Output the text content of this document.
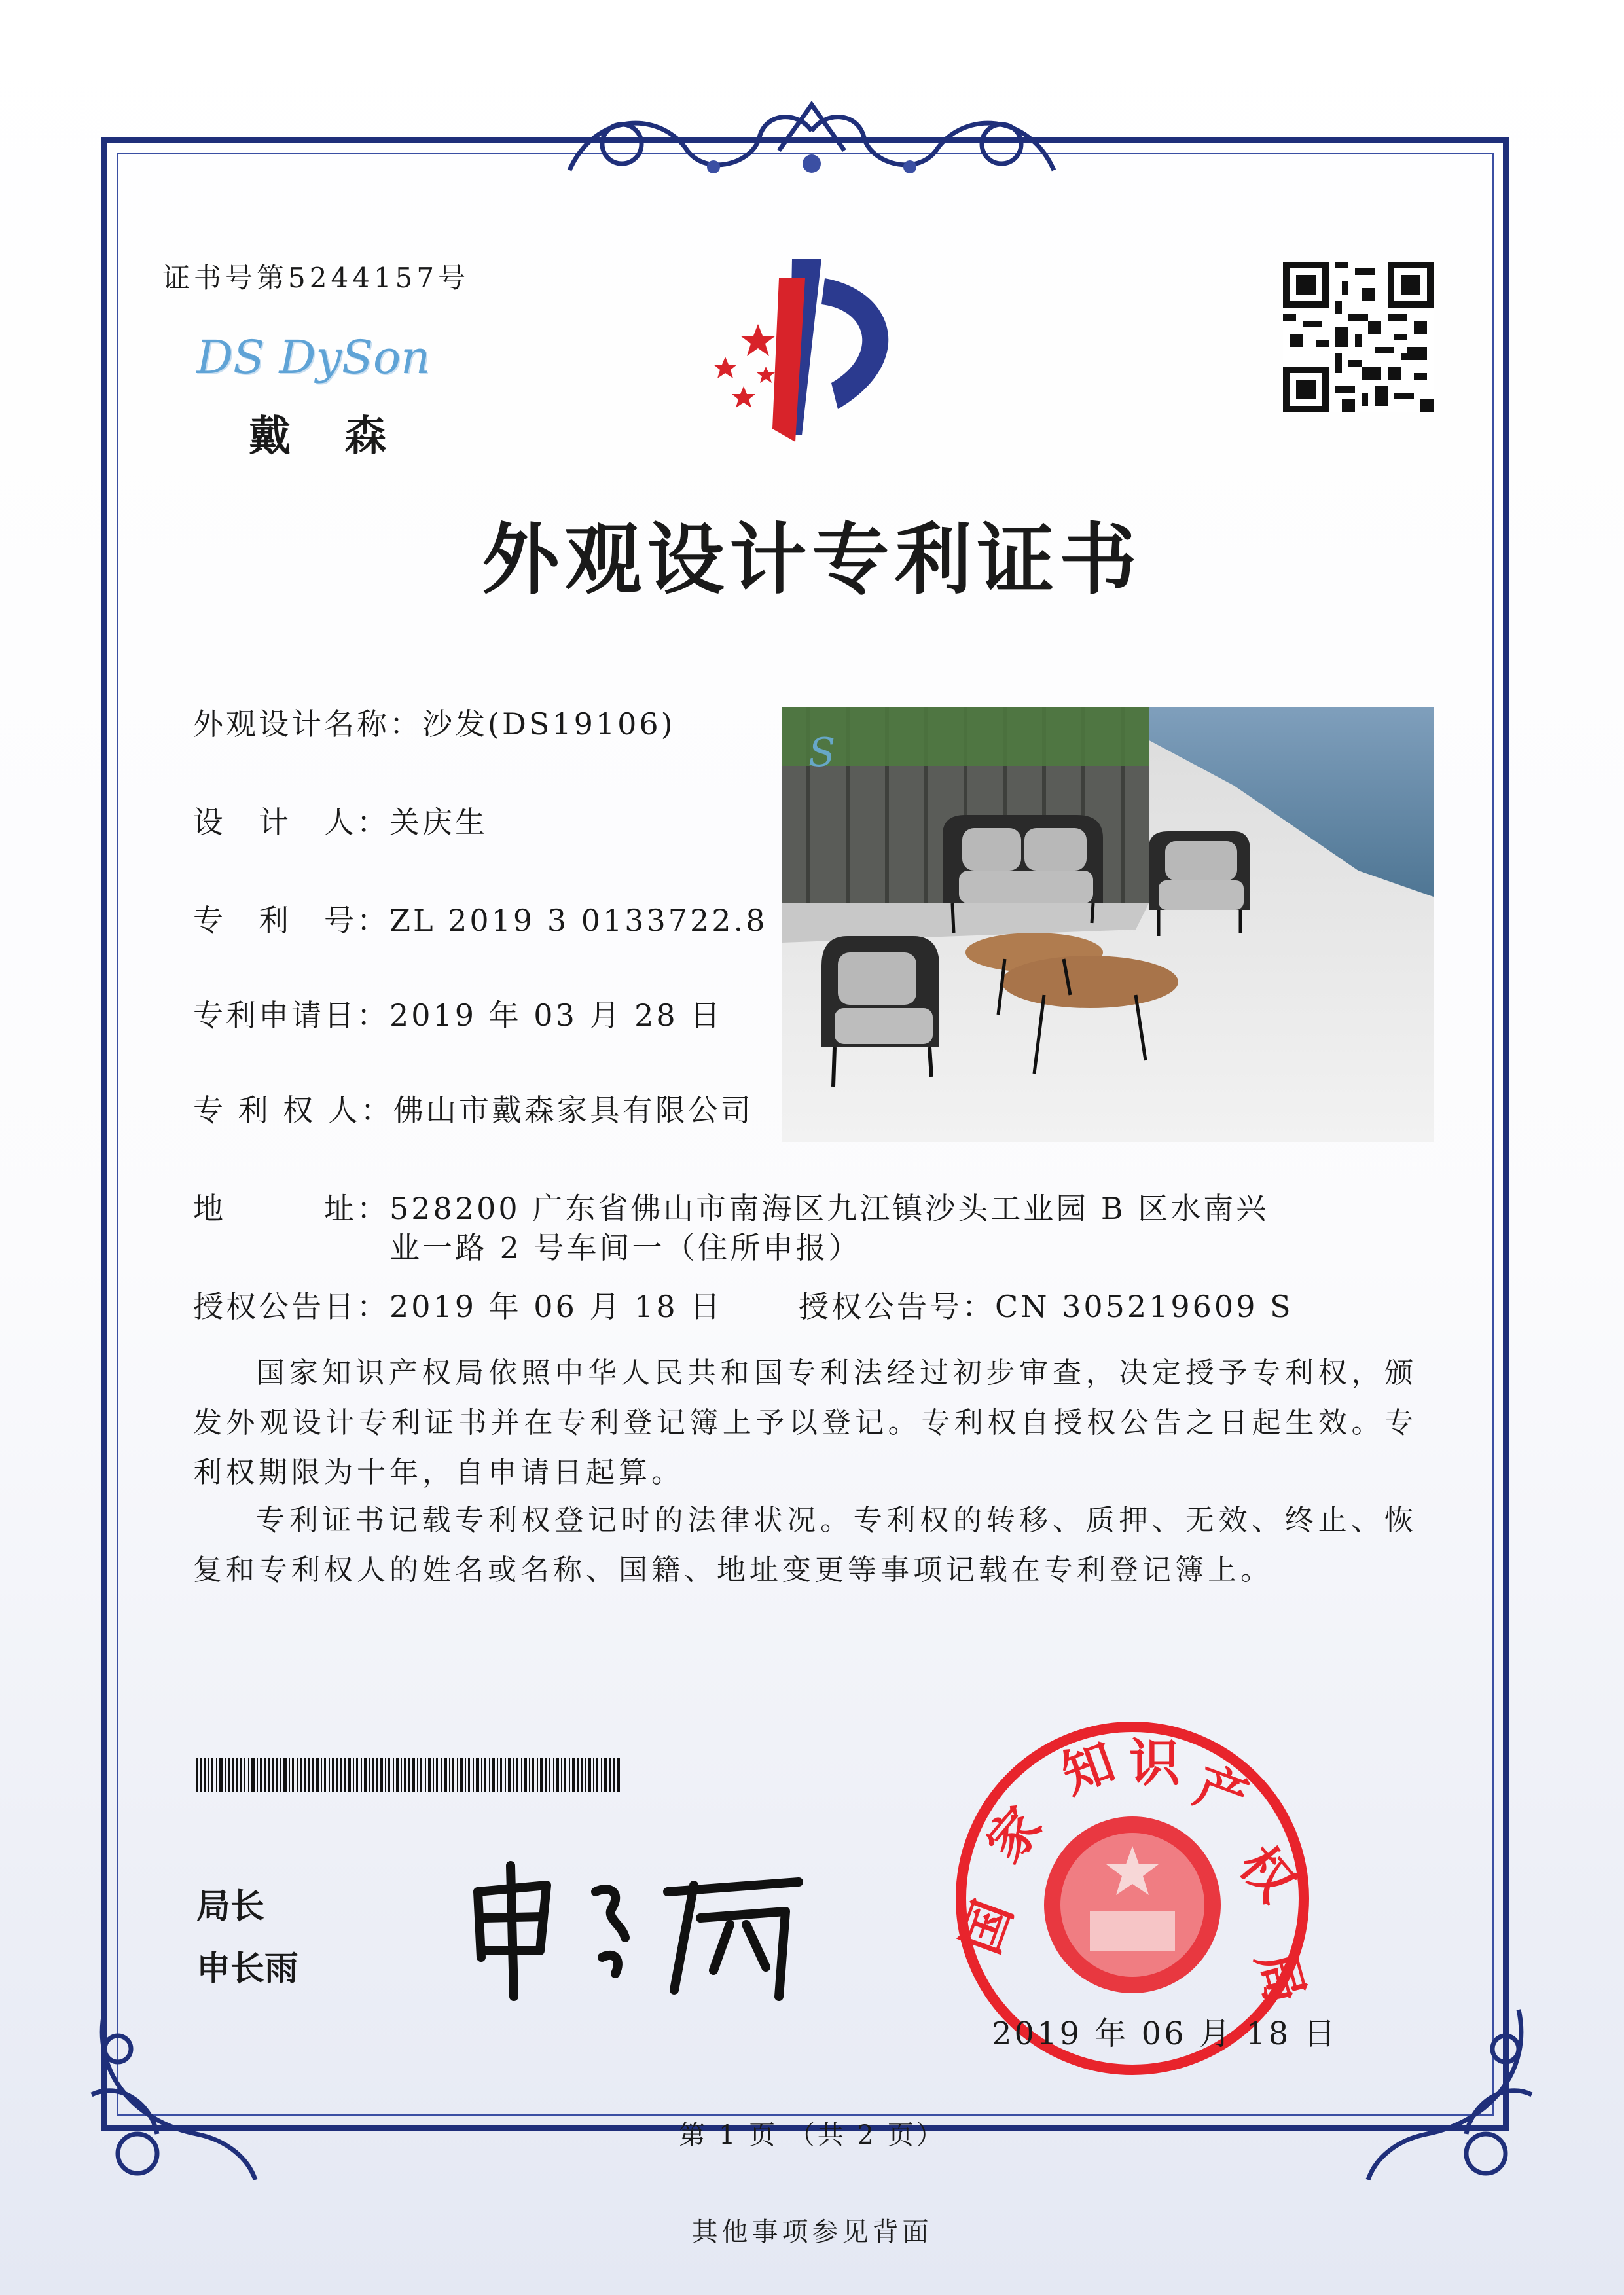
证书号第5244157号
DS DySon
戴 森
外观设计专利证书
外观设计名称：沙发(DS19106)
设　计　人：关庆生
专　利　号：ZL 2019 3 0133722.8
专利申请日：2019 年 03 月 28 日
专 利 权 人：佛山市戴森家具有限公司
地　　　址：528200 广东省佛山市南海区九江镇沙头工业园 B 区水南兴
业一路 2 号车间一（住所申报）
授权公告日：2019 年 06 月 18 日	授权公告号：CN 305219609 S
S
国家知识产权局依照中华人民共和国专利法经过初步审查，决定授予专利权，颁发外观设计专利证书并在专利登记簿上予以登记。专利权自授权公告之日起生效。专利权期限为十年，自申请日起算。
专利证书记载专利权登记时的法律状况。专利权的转移、质押、无效、终止、恢复和专利权人的姓名或名称、国籍、地址变更等事项记载在专利登记簿上。
局长
申长雨
国
家
知 识 产
权
局
2019 年 06 月 18 日
第 1 页 （共 2 页）
其他事项参见背面
